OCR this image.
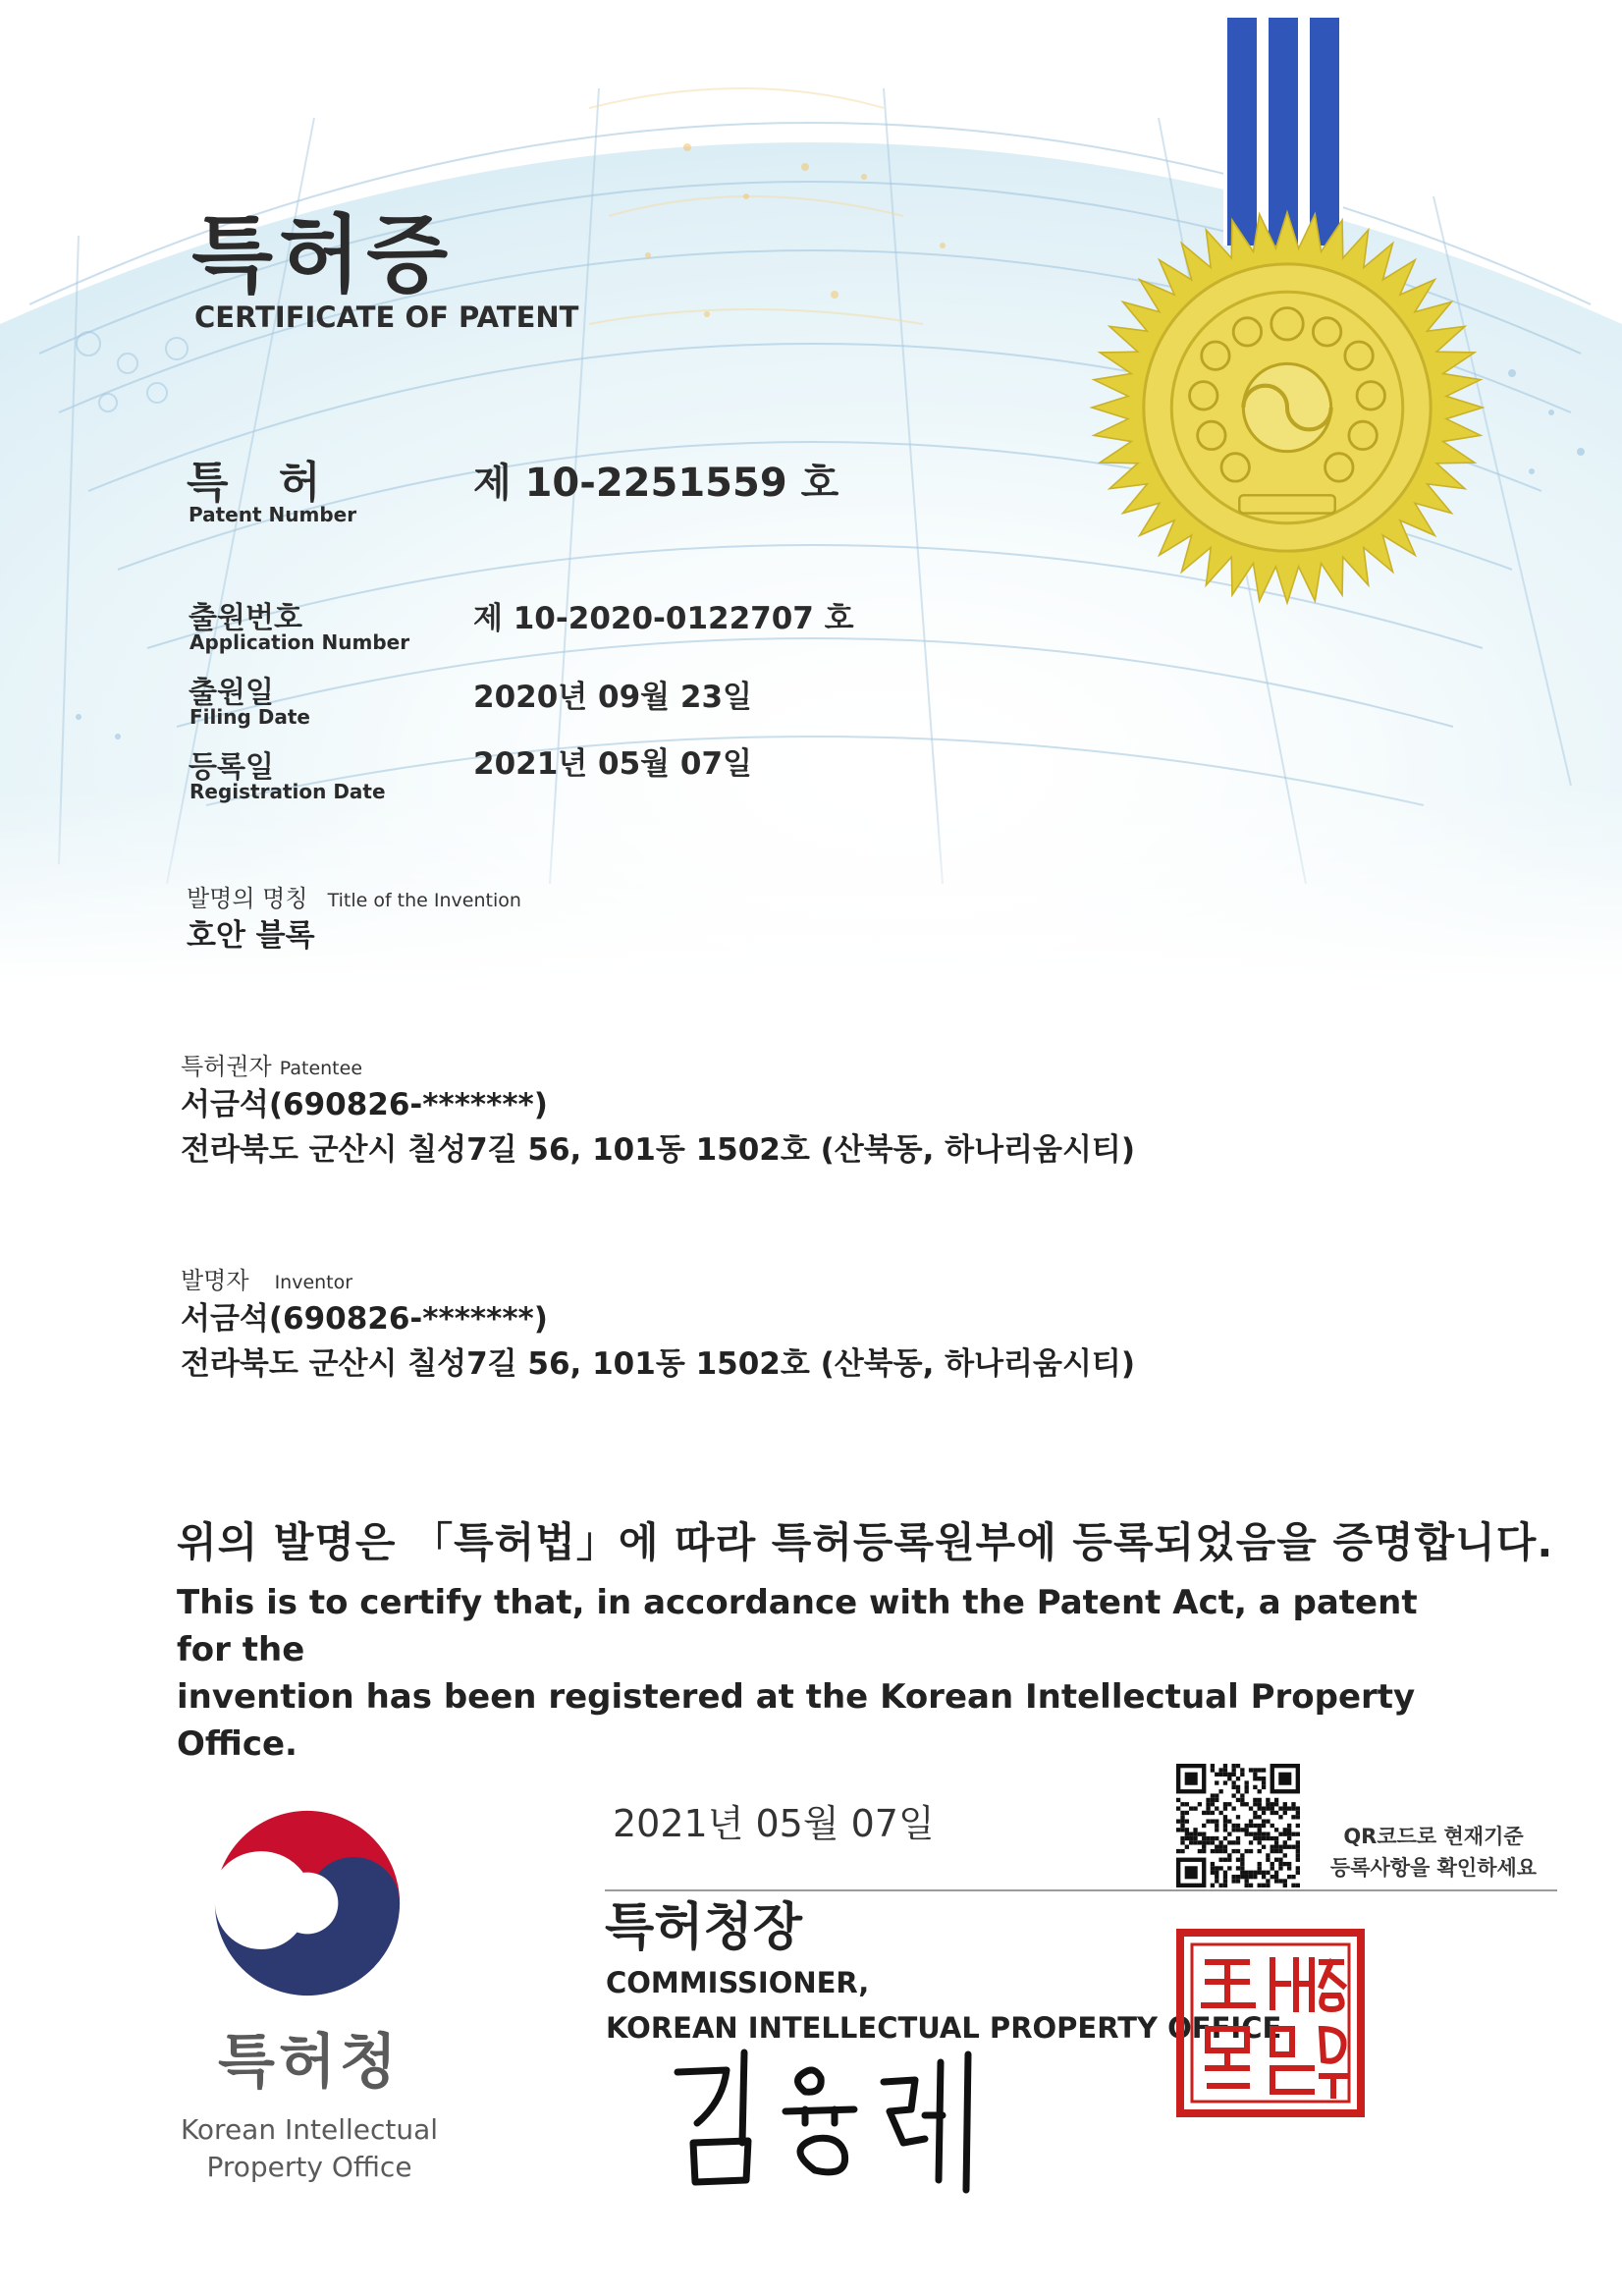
특허증
CERTIFICATE OF PATENT
특 허
Patent Number
제 10-2251559 호
출원번호
Application Number
제 10-2020-0122707 호
출원일
Filing Date
2020년 09월 23일
등록일
Registration Date
2021년 05월 07일
발명의 명칭 Title of the Invention
호안 블록
특허권자 Patentee
서금석(690826-*******)
전라북도 군산시 칠성7길 56, 101동 1502호 (산북동, 하나리움시티)
발명자 Inventor
서금석(690826-*******)
전라북도 군산시 칠성7길 56, 101동 1502호 (산북동, 하나리움시티)
위의 발명은 「특허법」에 따라 특허등록원부에 등록되었음을 증명합니다.
This is to certify that, in accordance with the Patent Act, a patent for the
invention has been registered at the Korean Intellectual Property Office.
2021년 05월 07일	QR코드로 현재기준
등록사항을 확인하세요
특허청장
COMMISSIONER,
KOREAN INTELLECTUAL PROPERTY OFFICE
특허청
Korean Intellectual
Property Office
